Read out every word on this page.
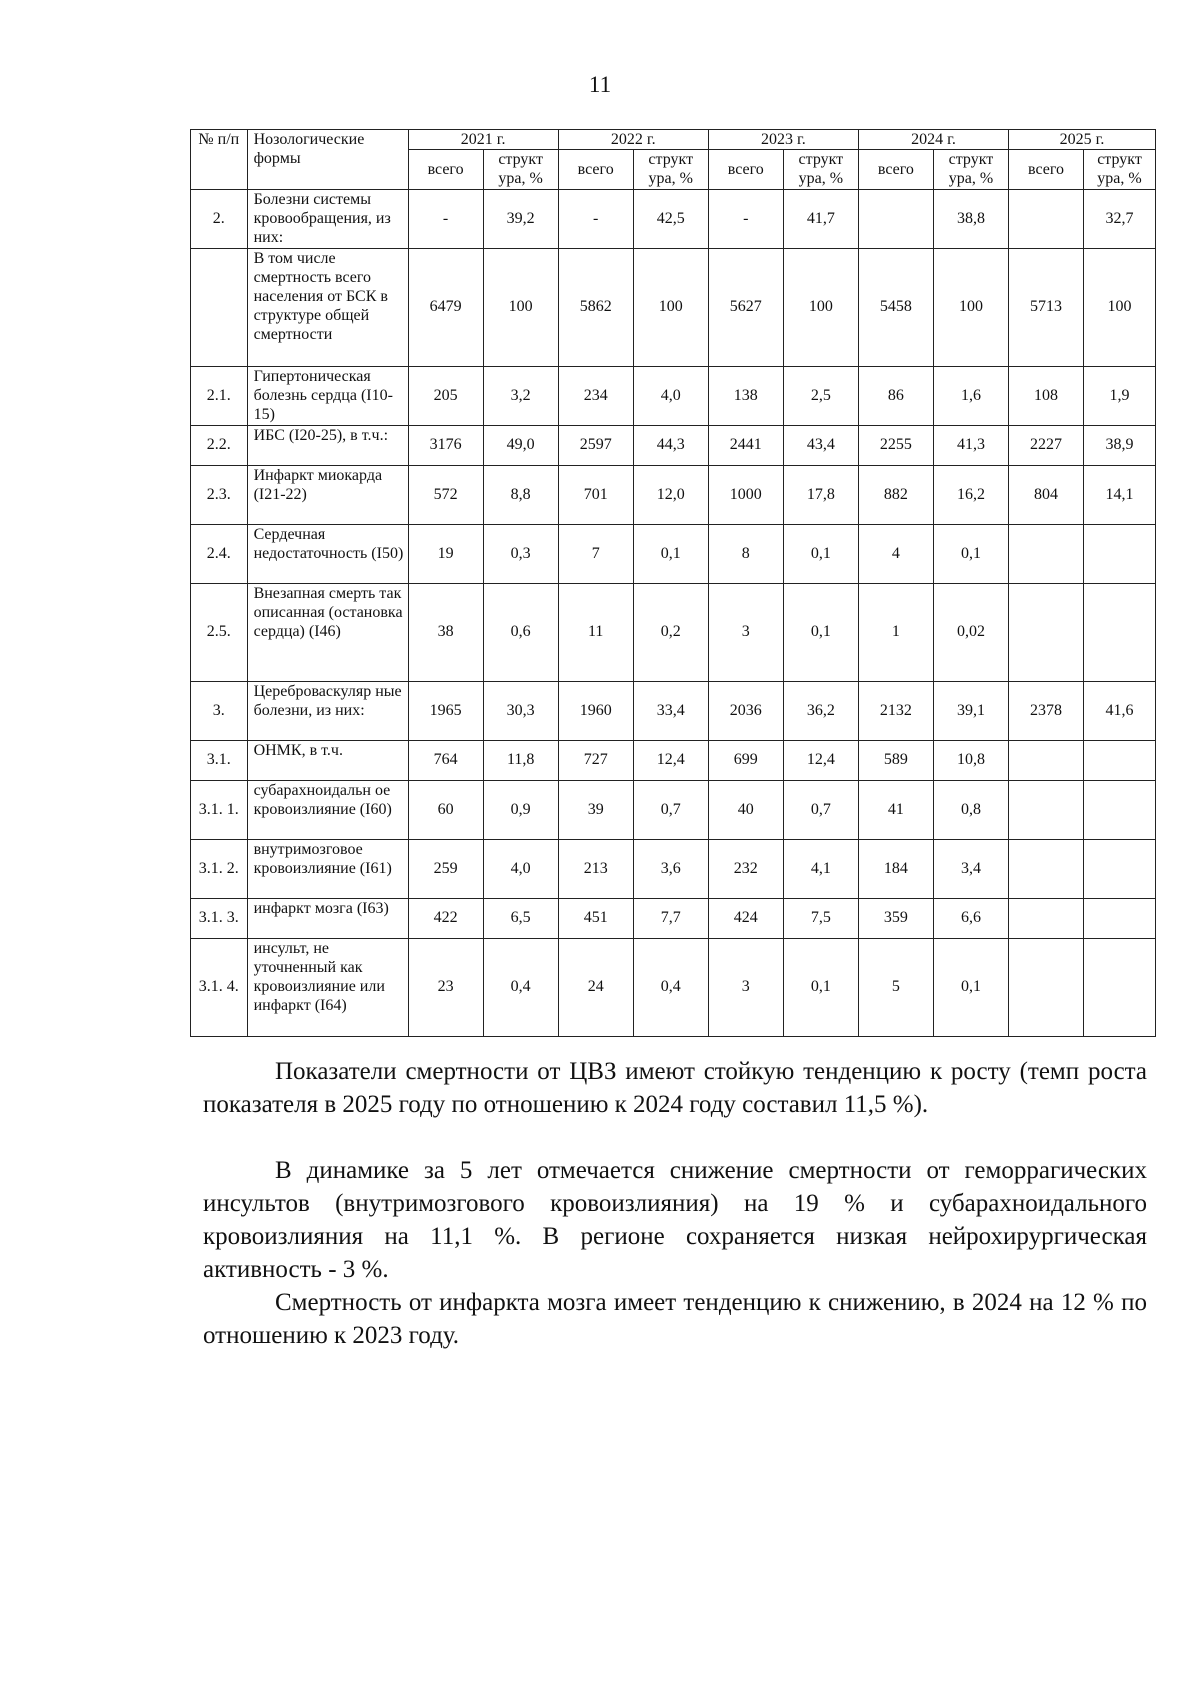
11
№ п/п	Нозологические формы	2021 г.		2022 г.		2023 г.		2024 г.		2025 г.	
		всего	структ ура, %	всего	структ ура, %	всего	структ ура, %	всего	структ ура, %	всего	структ ура, %
2.	Болезни системы кровообращения, из них:	-	39,2	-	42,5	-	41,7		38,8		32,7
	В том числе смертность всего населения от БСК в структуре общей смертности	6479	100	5862	100	5627	100	5458	100	5713	100
2.1.	Гипертоническая болезнь сердца (I10-15)	205	3,2	234	4,0	138	2,5	86	1,6	108	1,9
2.2.	ИБС (I20-25), в т.ч.:	3176	49,0	2597	44,3	2441	43,4	2255	41,3	2227	38,9
2.3.	Инфаркт миокарда (I21-22)	572	8,8	701	12,0	1000	17,8	882	16,2	804	14,1
2.4.	Сердечная недостаточность (I50)	19	0,3	7	0,1	8	0,1	4	0,1		
2.5.	Внезапная смерть так описанная (остановка сердца) (I46)	38	0,6	11	0,2	3	0,1	1	0,02		
3.	Цереброваскуляр ные болезни, из них:	1965	30,3	1960	33,4	2036	36,2	2132	39,1	2378	41,6
3.1.	ОНМК, в т.ч.	764	11,8	727	12,4	699	12,4	589	10,8		
3.1. 1.	субарахноидальн ое кровоизлияние (I60)	60	0,9	39	0,7	40	0,7	41	0,8		
3.1. 2.	внутримозговое кровоизлияние (I61)	259	4,0	213	3,6	232	4,1	184	3,4		
3.1. 3.	инфаркт мозга (I63)	422	6,5	451	7,7	424	7,5	359	6,6		
3.1. 4.	инсульт, не уточненный как кровоизлияние или инфаркт (I64)	23	0,4	24	0,4	3	0,1	5	0,1		

Показатели смертности от ЦВЗ имеют стойкую тенденцию к росту (темп роста показателя в 2025 году по отношению к 2024 году составил 11,5 %).

В динамике за 5 лет отмечается снижение смертности от геморрагических инсультов (внутримозгового кровоизлияния) на 19 % и субарахноидального кровоизлияния на 11,1 %. В регионе сохраняется низкая нейрохирургическая активность - 3 %.

Смертность от инфаркта мозга имеет тенденцию к снижению, в 2024 на 12 % по отношению к 2023 году.
